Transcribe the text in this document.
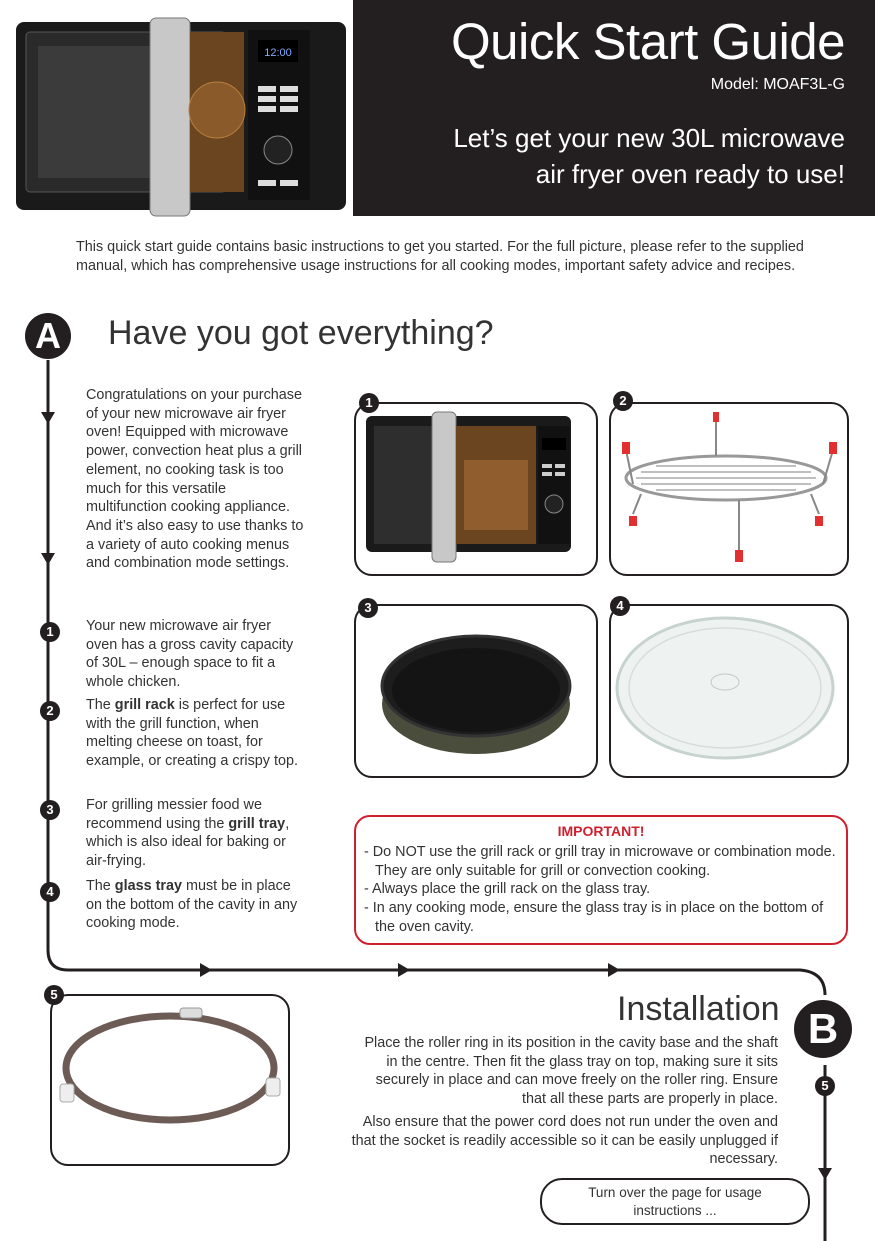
12:00	Quick Start Guide
Model: MOAF3L-G
Let’s get your new 30L microwave
air fryer oven ready to use!
This quick start guide contains basic instructions to get you started. For the full picture, please refer to the supplied manual, which has comprehensive usage instructions for all cooking modes, important safety advice and recipes.
A Have you got everything?
Congratulations on your purchase of your new microwave air fryer oven! Equipped with microwave power, convection heat plus a grill element, no cooking task is too much for this versatile multifunction cooking appliance. And it’s also easy to use thanks to a variety of auto cooking menus and combination mode settings.
1	Your new microwave air fryer oven has a gross cavity capacity of 30L – enough space to fit a whole chicken.
2	The grill rack is perfect for use with the grill function, when melting cheese on toast, for example, or creating a crispy top.
3	For grilling messier food we recommend using the grill tray, which is also ideal for baking or air-frying.
4	The glass tray must be in place on the bottom of the cavity in any cooking mode.
1	2
3	4
IMPORTANT!
- Do NOT use the grill rack or grill tray in microwave or combination mode. They are only suitable for grill or convection cooking.
- Always place the grill rack on the glass tray.
- In any cooking mode, ensure the glass tray is in place on the bottom of the oven cavity.
5	Installation B
5

Place the roller ring in its position in the cavity base and the shaft in the centre. Then fit the glass tray on top, making sure it sits securely in place and can move freely on the roller ring. Ensure that all these parts are properly in place.

Also ensure that the power cord does not run under the oven and that the socket is readily accessible so it can be easily unplugged if necessary.

Turn over the page for usage instructions ...
